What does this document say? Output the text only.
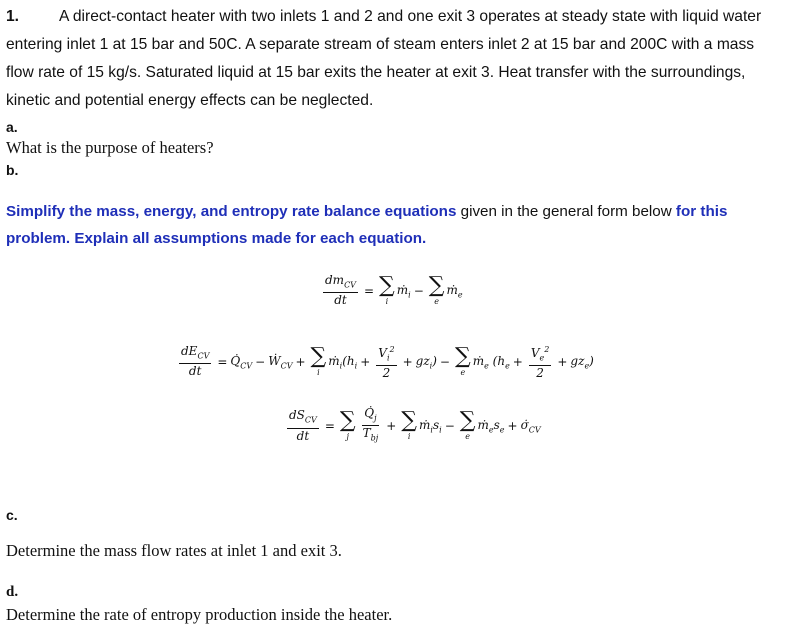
1.	A direct-contact heater with two inlets 1 and 2 and one exit 3 operates at steady state with liquid water entering inlet 1 at 15 bar and 50C. A separate stream of steam enters inlet 2 at 15 bar and 200C with a mass flow rate of 15 kg/s. Saturated liquid at 15 bar exits the heater at exit 3. Heat transfer with the surroundings, kinetic and potential energy effects can be neglected.
a.
What is the purpose of heaters?
b.
Simplify the mass, energy, and entropy rate balance equations given in the general form below for this problem. Explain all assumptions made for each equation.
$\frac{dm_{CV}}{dt}$ = ∑
i
ṁ$_i$ − ∑
e
ṁ$_e$
$\frac{dE_{CV}}{dt}$ = $Q̇_{CV}$ − Ẇ$_{CV}$ + ∑
i
$ṁ_i(h_i + \frac{V_i^2}{2} + gz_i)$ − ∑
e
ṁ$_e$ $(h_e + \frac{V_e^2}{2} + gz_e)$
$\frac{dS_{CV}}{dt}$ = ∑
j $\frac{Q̇_j}{T_{bj}}$ + ∑
i
$ṁ_is_i$ − ∑
e
$ṁ_es_e$ + $\sigmȧ_{CV}$
c.
Determine the mass flow rates at inlet 1 and exit 3.
d.
Determine the rate of entropy production inside the heater.
